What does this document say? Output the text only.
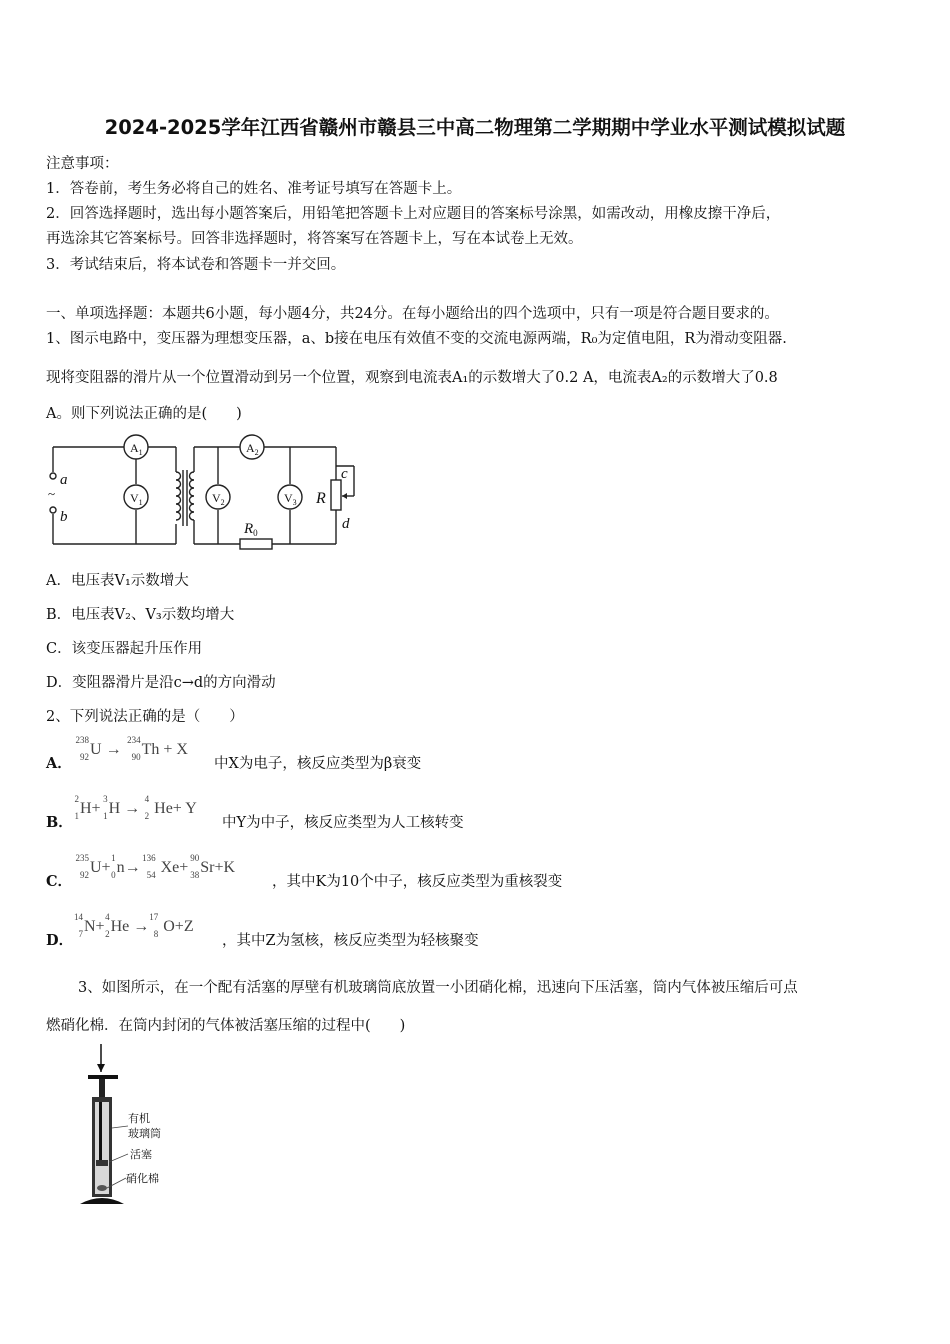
2024-2025学年江西省赣州市赣县三中高二物理第二学期期中学业水平测试模拟试题
注意事项：
1．答卷前，考生务必将自己的姓名、准考证号填写在答题卡上。
2．回答选择题时，选出每小题答案后，用铅笔把答题卡上对应题目的答案标号涂黑，如需改动，用橡皮擦干净后，
再选涂其它答案标号。回答非选择题时，将答案写在答题卡上，写在本试卷上无效。
3．考试结束后，将本试卷和答题卡一并交回。
一、单项选择题：本题共6小题，每小题4分，共24分。在每小题给出的四个选项中，只有一项是符合题目要求的。
1、图示电路中，变压器为理想变压器，a、b接在电压有效值不变的交流电源两端，R₀为定值电阻，R为滑动变阻器.
现将变阻器的滑片从一个位置滑动到另一个位置，观察到电流表A₁的示数增大了0.2 A，电流表A₂的示数增大了0.8
A。则下列说法正确的是(　　)
$A_1$	$A_2$
$V_1$	$V_2$	$V_3$
a
b
~
$R_0$
R
c
d
A．电压表V₁示数增大
B．电压表V₂、V₃示数均增大
C．该变压器起升压作用
D．变阻器滑片是沿c→d的方向滑动
2、下列说法正确的是（　　）
A．
238
92 U →
234
90 Th + X
中X为电子，核反应类型为β衰变
B．
2
1 H+
3
1 H →
4
2 He+ Y
中Y为中子，核反应类型为人工核转变
C．
235
92 U+
1
0 n→
136
54 Xe+
90
38 Sr+K
，其中K为10个中子，核反应类型为重核裂变
D．
14
7 N+
4
2 He →
17
8 O+Z
，其中Z为氢核，核反应类型为轻核聚变
3、如图所示，在一个配有活塞的厚壁有机玻璃筒底放置一小团硝化棉，迅速向下压活塞，筒内气体被压缩后可点
燃硝化棉．在筒内封闭的气体被活塞压缩的过程中(　　)
有机
玻璃筒
活塞
硝化棉
